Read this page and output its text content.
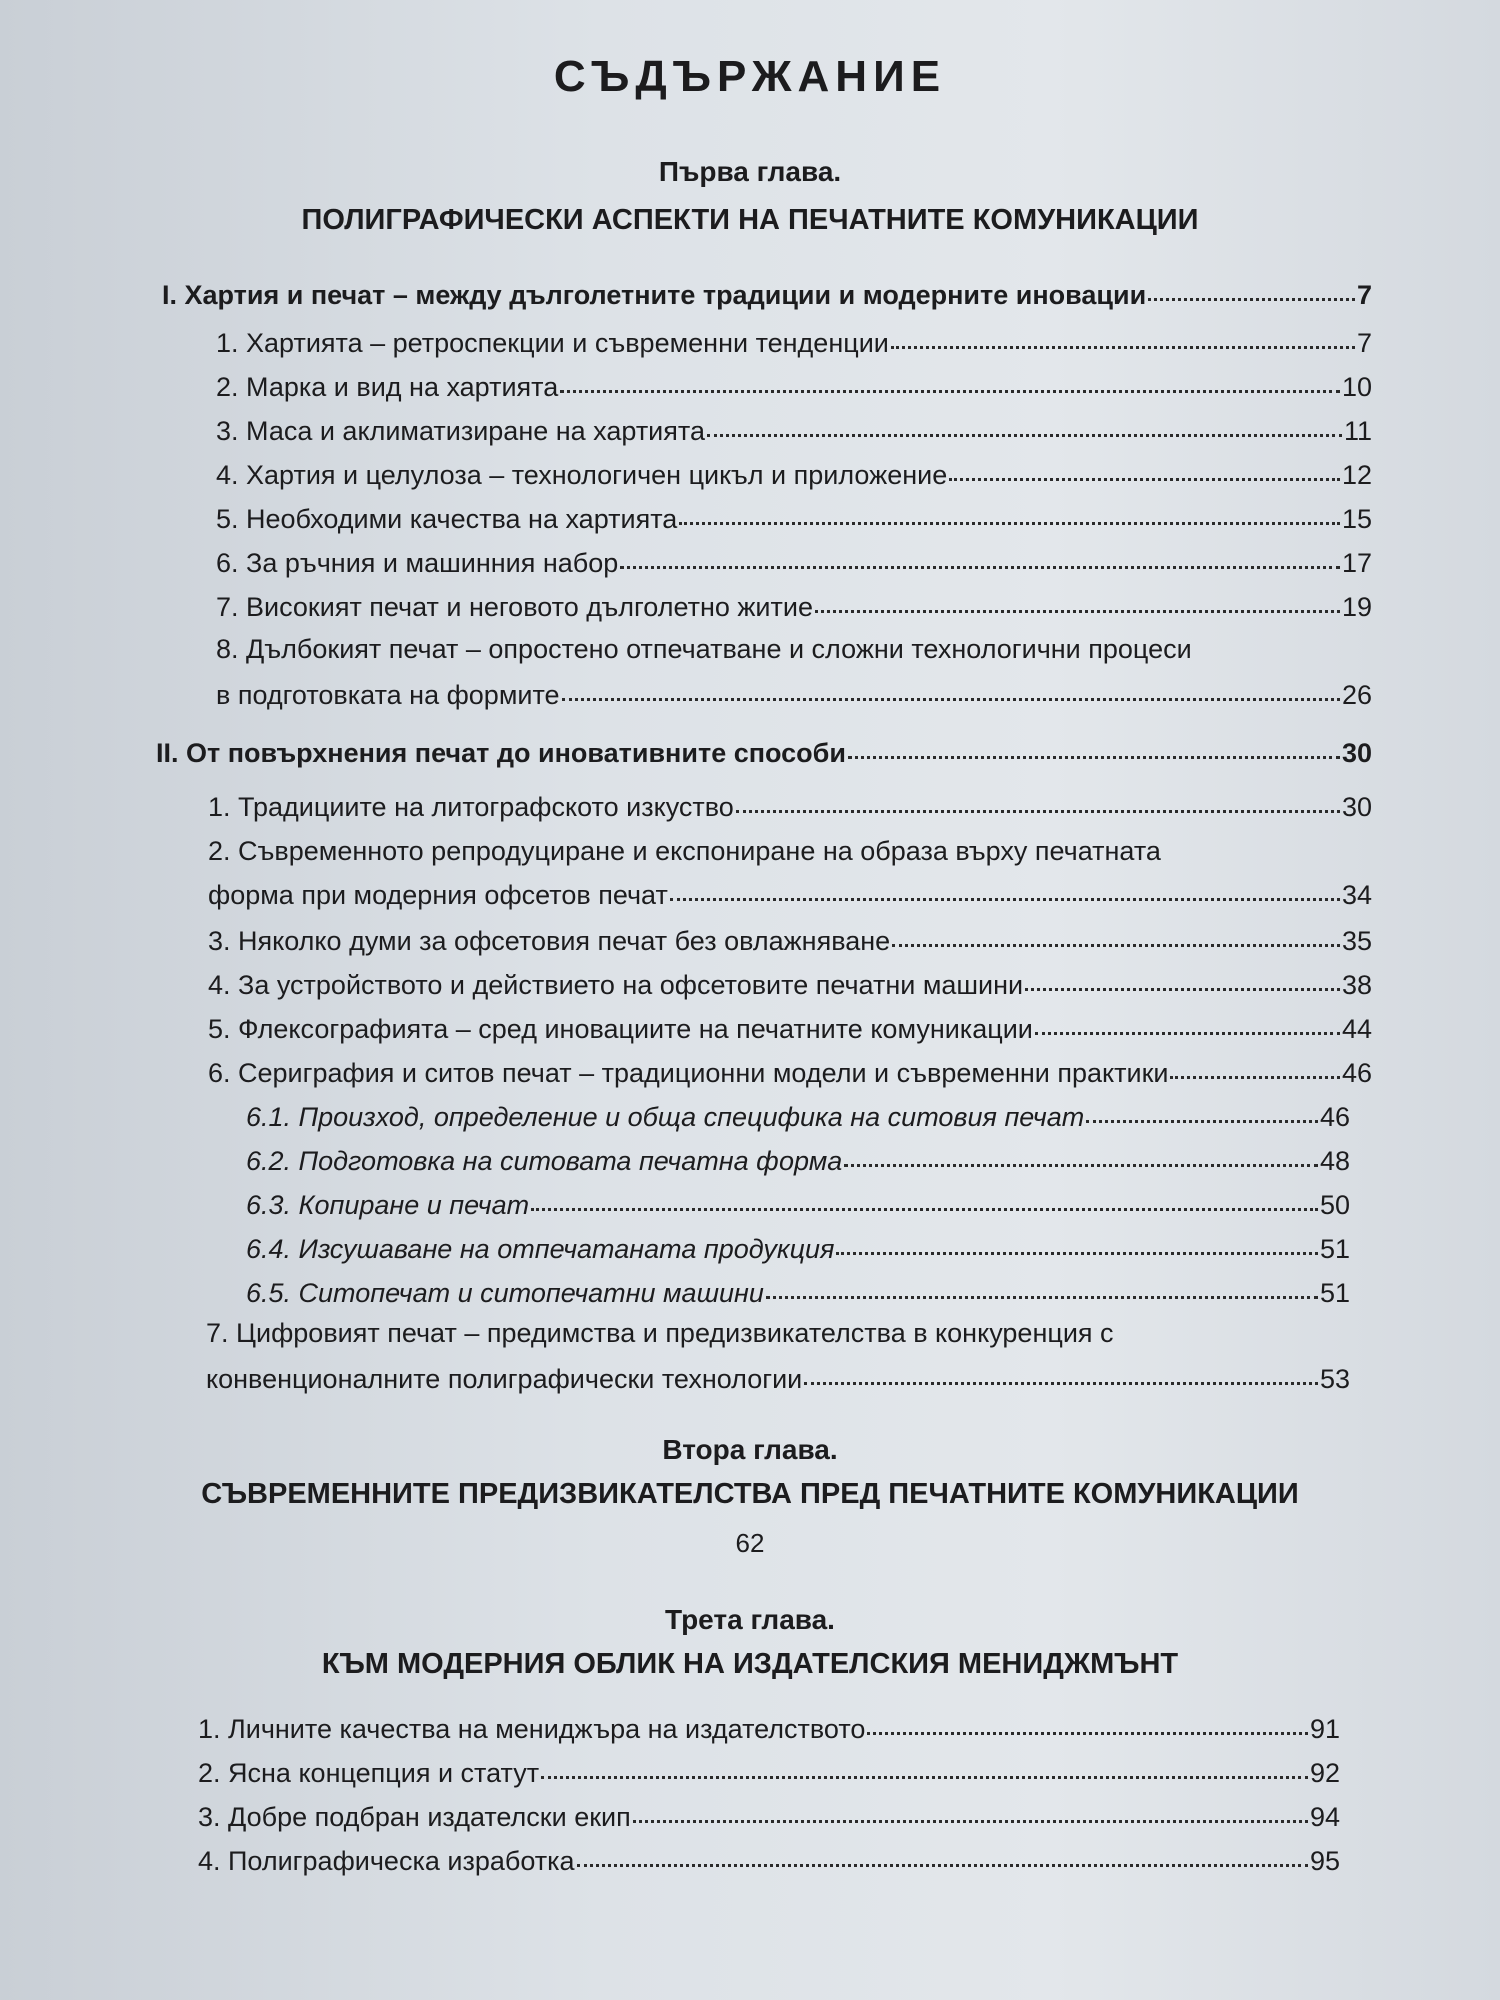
СЪДЪРЖАНИЕ
Първа глава.
ПОЛИГРАФИЧЕСКИ АСПЕКТИ НА ПЕЧАТНИТЕ КОМУНИКАЦИИ
I. Хартия и печат – между дълголетните традиции и модерните иновации	7
1. Хартията – ретроспекции и съвременни тенденции	7
2. Марка и вид на хартията	10
3. Маса и аклиматизиране на хартията	11
4. Хартия и целулоза – технологичен цикъл и приложение	12
5. Необходими качества на хартията	15
6. За ръчния и машинния набор	17
7. Високият печат и неговото дълголетно житие	19
8. Дълбокият печат – опростено отпечатване и сложни технологични процеси
в подготовката на формите	26
II. От повърхнения печат до иновативните способи	30
1. Традициите на литографското изкуство	30
2. Съвременното репродуциране и експониране на образа върху печатната
форма при модерния офсетов печат	34
3. Няколко думи за офсетовия печат без овлажняване	35
4. За устройството и действието на офсетовите печатни машини	38
5. Флексографията – сред иновациите на печатните комуникации	44
6. Сериграфия и ситов печат – традиционни модели и съвременни практики	46
6.1. Произход, определение и обща специфика на ситовия печат	46
6.2. Подготовка на ситовата печатна форма	48
6.3. Копиране и печат	50
6.4. Изсушаване на отпечатаната продукция	51
6.5. Ситопечат и ситопечатни машини	51
7. Цифровият печат – предимства и предизвикателства в конкуренция с
конвенционалните полиграфически технологии	53
Втора глава.
СЪВРЕМЕННИТЕ ПРЕДИЗВИКАТЕЛСТВА ПРЕД ПЕЧАТНИТЕ КОМУНИКАЦИИ
62
Трета глава.
КЪМ МОДЕРНИЯ ОБЛИК НА ИЗДАТЕЛСКИЯ МЕНИДЖМЪНТ
1. Личните качества на мениджъра на издателството	91
2. Ясна концепция и статут	92
3. Добре подбран издателски екип	94
4. Полиграфическа изработка	95
